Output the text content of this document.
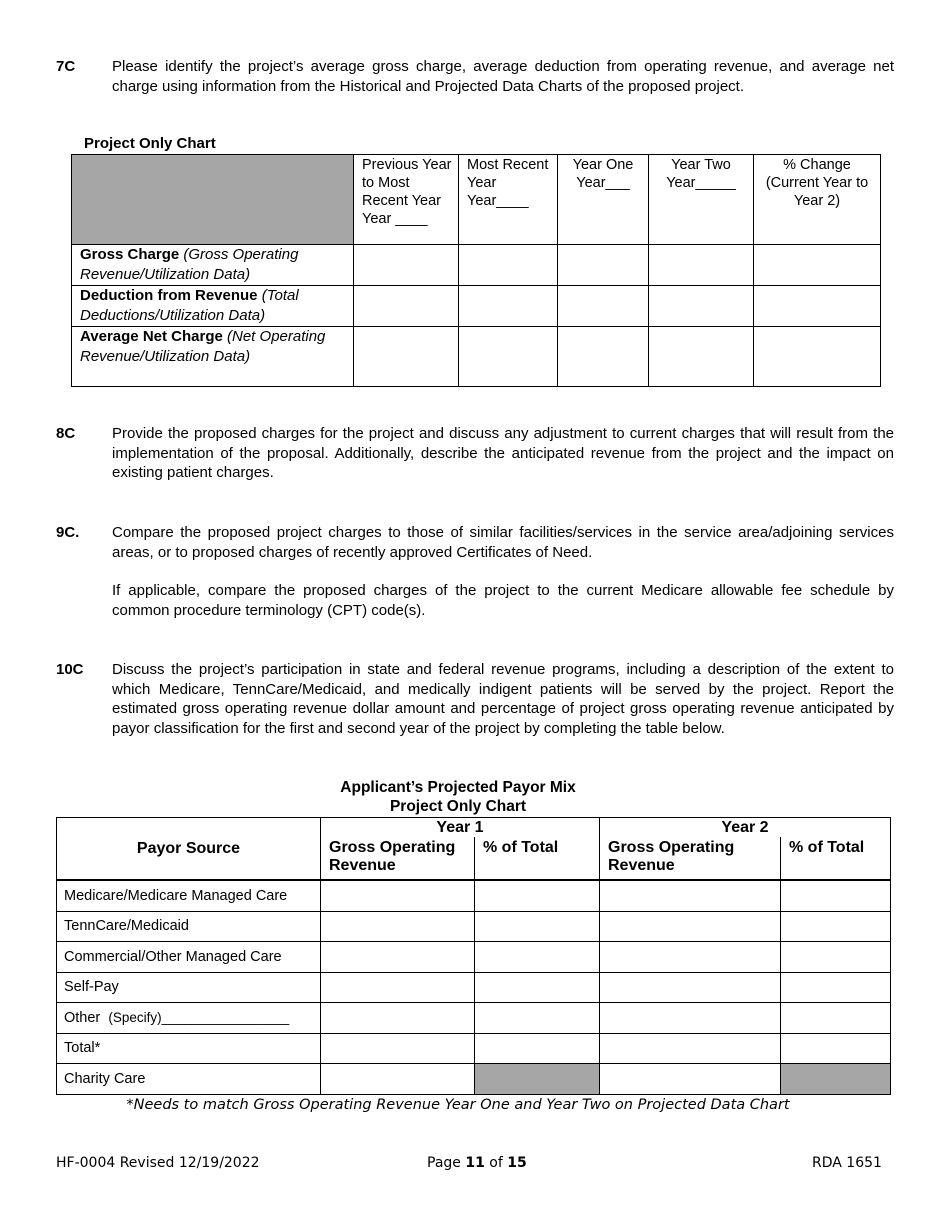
7C Please identify the project’s average gross charge, average deduction from operating revenue, and average net charge using information from the Historical and Projected Data Charts of the proposed project.

Project Only Chart
	Previous Year to Most Recent Year Year ____	Most Recent Year Year____	Year One Year___	Year Two Year_____	% Change (Current Year to Year 2)
Gross Charge (Gross Operating Revenue/Utilization Data)					
Deduction from Revenue (Total Deductions/Utilization Data)					
Average Net Charge (Net Operating Revenue/Utilization Data)					
8C Provide the proposed charges for the project and discuss any adjustment to current charges that will result from the implementation of the proposal. Additionally, describe the anticipated revenue from the project and the impact on existing patient charges.

9C. Compare the proposed project charges to those of similar facilities/services in the service area/adjoining services areas, or to proposed charges of recently approved Certificates of Need.

If applicable, compare the proposed charges of the project to the current Medicare allowable fee schedule by common procedure terminology (CPT) code(s).

10C Discuss the project’s participation in state and federal revenue programs, including a description of the extent to which Medicare, TennCare/Medicaid, and medically indigent patients will be served by the project. Report the estimated gross operating revenue dollar amount and percentage of project gross operating revenue anticipated by payor classification for the first and second year of the project by completing the table below.

Applicant’s Projected Payor Mix
Project Only Chart
Payor Source	Year 1		Year 2	
	Gross Operating Revenue	% of Total	Gross Operating Revenue	% of Total
Medicare/Medicare Managed Care				
TennCare/Medicaid				
Commercial/Other Managed Care				
Self-Pay				
Other (Specify)_________________				
Total*				
Charity Care				
*Needs to match Gross Operating Revenue Year One and Year Two on Projected Data Chart
HF-0004 Revised 12/19/2022	Page 11 of 15	RDA 1651
